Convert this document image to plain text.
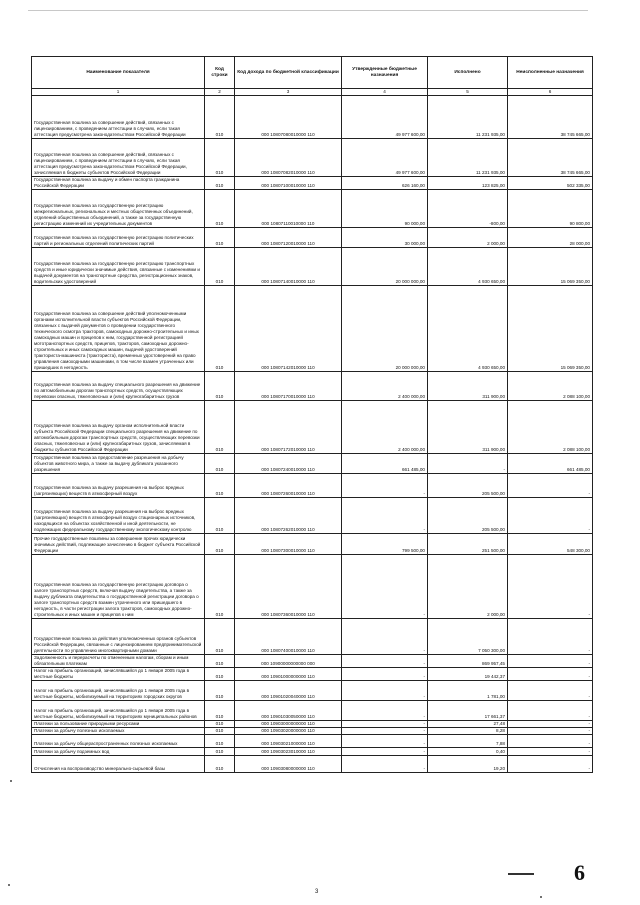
Наименование показателя	Код строки	Код дохода по бюджетной классификации	Утвержденные бюджетные назначения	Исполнено	Неисполненные назначения
1	2	3	4	5	6
Государственная пошлина за совершение действий, связанных с лицензированием, с проведением аттестации в случаях, если такая аттестация предусмотрена законодательством Российской Федерации	010	000 10807080010000 110	49 977 600,00	11 231 935,00	38 745 665,00
Государственная пошлина за совершение действий, связанных с лицензированием, с проведением аттестации в случаях, если такая аттестация предусмотрена законодательством Российской Федерации, зачисляемая в бюджеты субъектов Российской Федерации	010	000 10807082010000 110	49 977 600,00	11 231 935,00	38 745 665,00
Государственная пошлина за выдачу и обмен паспорта гражданина Российской Федерации	010	000 10807100010000 110	626 160,00	123 825,00	502 335,00
Государственная пошлина за государственную регистрацию межрегиональных, региональных и местных общественных объединений, отделений общественных объединений, а также за государственную регистрацию изменений их учредительных документов	010	000 10807110010000 110	90 000,00	-800,00	90 800,00
Государственная пошлина за государственную регистрацию политических партий и региональных отделений политических партий	010	000 10807120010000 110	30 000,00	2 000,00	28 000,00
Государственная пошлина за государственную регистрацию транспортных средств и иные юридически значимые действия, связанные с изменениями и выдачей документов на транспортные средства, регистрационных знаков, водительских удостоверений	010	000 10807140010000 110	20 000 000,00	4 930 650,00	15 069 350,00
Государственная пошлина за совершение действий уполномоченными органами исполнительной власти субъектов Российской Федерации, связанных с выдачей документов о проведении государственного технического осмотра тракторов, самоходных дорожно-строительных и иных самоходных машин и прицепов к ним, государственной регистрацией мототранспортных средств, прицепов, тракторов, самоходных дорожно-строительных и иных самоходных машин, выдачей удостоверений тракториста-машиниста (тракториста), временных удостоверений на право управления самоходными машинами, в том числе взамен утраченных или пришедших в негодность	010	000 10807142010000 110	20 000 000,00	4 930 650,00	15 069 350,00
Государственная пошлина за выдачу специального разрешения на движение по автомобильным дорогам транспортных средств, осуществляющих перевозки опасных, тяжеловесных и (или) крупногабаритных грузов	010	000 10807170010000 110	2 400 000,00	311 900,00	2 088 100,00
Государственная пошлина за выдачу органом исполнительной власти субъекта Российской Федерации специального разрешения на движение по автомобильным дорогам транспортных средств, осуществляющих перевозки опасных, тяжеловесных и (или) крупногабаритных грузов, зачисляемая в бюджеты субъектов Российской Федерации	010	000 10807172010000 110	2 400 000,00	311 900,00	2 088 100,00
Государственная пошлина за предоставление разрешения на добычу объектов животного мира, а также за выдачу дубликата указанного разрешения	010	000 10807240010000 110	661 485,00	-	661 485,00
Государственная пошлина за выдачу разрешения на выброс вредных (загрязняющих) веществ в атмосферный воздух	010	000 10807260010000 110	-	205 500,00	-
Государственная пошлина за выдачу разрешения на выброс вредных (загрязняющих) веществ в атмосферный воздух стационарных источников, находящихся на объектах хозяйственной и иной деятельности, не подлежащих федеральному государственному экологическому контролю	010	000 10807262010000 110	-	205 500,00	-
Прочие государственные пошлины за совершение прочих юридически значимых действий, подлежащие зачислению в бюджет субъекта Российской Федерации	010	000 10807300010000 110	799 500,00	251 500,00	548 300,00
Государственная пошлина за государственную регистрацию договора о залоге транспортных средств, включая выдачу свидетельства, а также за выдачу дубликата свидетельства о государственной регистрации договора о залоге транспортных средств взамен утраченного или пришедшего в негодность, в части регистрации залога тракторов, самоходных дорожно-строительных и иных машин и прицепов к ним	010	000 10807360010000 110	-	2 000,00	-
Государственная пошлина за действия уполномоченных органов субъектов Российской Федерации, связанные с лицензированием предпринимательской деятельности по управлению многоквартирными домами	010	000 10807400010000 110	-	7 050 300,00	-
Задолженность и перерасчеты по отмененным налогам, сборам и иным обязательным платежам	010	000 10900000000000 000	-	869 957,45	-
Налог на прибыль организаций, зачислявшийся до 1 января 2005 года в местные бюджеты	010	000 10901000000000 110	-	19 442,37	-
Налог на прибыль организаций, зачислявшийся до 1 января 2005 года в местные бюджеты, мобилизуемый на территориях городских округов	010	000 10901020040000 110	-	1 781,00	-
Налог на прибыль организаций, зачислявшийся до 1 января 2005 года в местные бюджеты, мобилизуемый на территориях муниципальных районов	010	000 10901030050000 110	-	17 661,37	-
Платежи за пользование природными ресурсами	010	000 10903000000000 110	-	27,48	-
Платежи за добычу полезных ископаемых	010	000 10903020000000 110	-	8,28	-
Платежи за добычу общераспространенных полезных ископаемых	010	000 10903021000000 110	-	7,88	-
Платежи за добычу подземных вод	010	000 10903023010000 110	-	0,40	-
Отчисления на воспроизводство минерально-сырьевой базы	010	000 10903080000000 110	-	19,20	-
6
3
